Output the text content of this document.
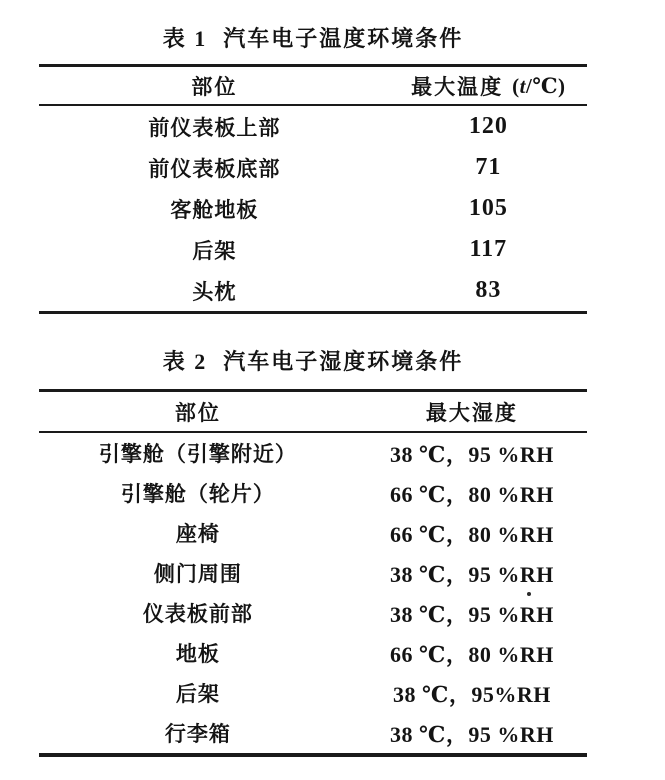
表 1 汽车电子温度环境条件
部位	最大温度 (t/℃)
前仪表板上部	120
前仪表板底部	71
客舱地板	105
后架	117
头枕	83
表 2 汽车电子湿度环境条件
部位	最大湿度
引擎舱（引擎附近）	38 ℃，95 %RH
引擎舱（轮片）	66 ℃，80 %RH
座椅	66 ℃，80 %RH
侧门周围	38 ℃，95 %RH
仪表板前部	38 ℃，95 %RH
地板	66 ℃，80 %RH
后架	38 ℃，95%RH
行李箱	38 ℃，95 %RH
